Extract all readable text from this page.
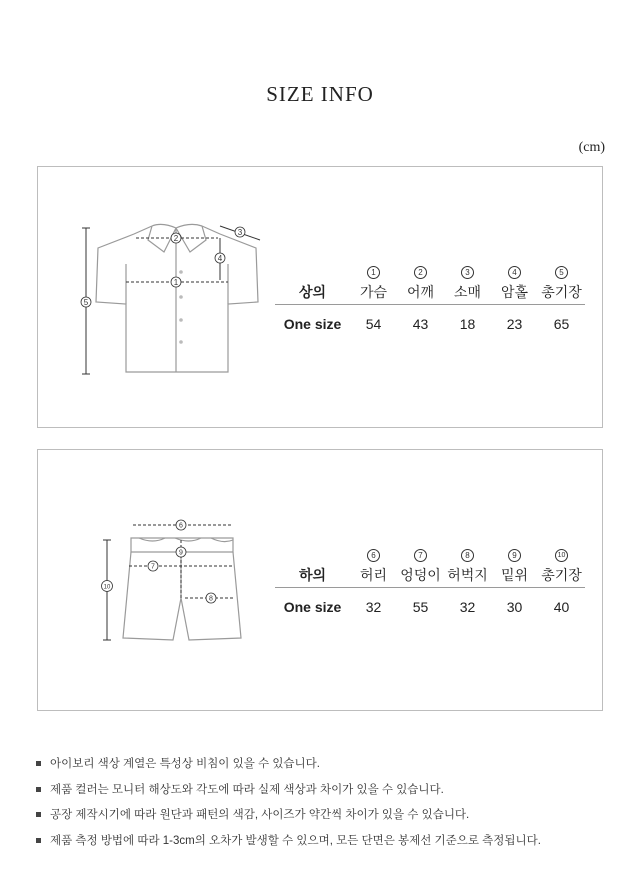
SIZE INFO
(cm)
1
2
3
4
5
	1	2	3	4	5
상의	가슴	어깨	소매	암홀	총기장
One size	54	43	18	23	65
6
7
8
9
10
	6	7	8	9	10
하의	허리	엉덩이	허벅지	밑위	총기장
One size	32	55	32	30	40
아이보리 색상 계열은 특성상 비침이 있을 수 있습니다.
제품 컬러는 모니터 해상도와 각도에 따라 실제 색상과 차이가 있을 수 있습니다.
공장 제작시기에 따라 원단과 패턴의 색감, 사이즈가 약간씩 차이가 있을 수 있습니다.
제품 측정 방법에 따라 1-3cm의 오차가 발생할 수 있으며, 모든 단면은 봉제선 기준으로 측정됩니다.
